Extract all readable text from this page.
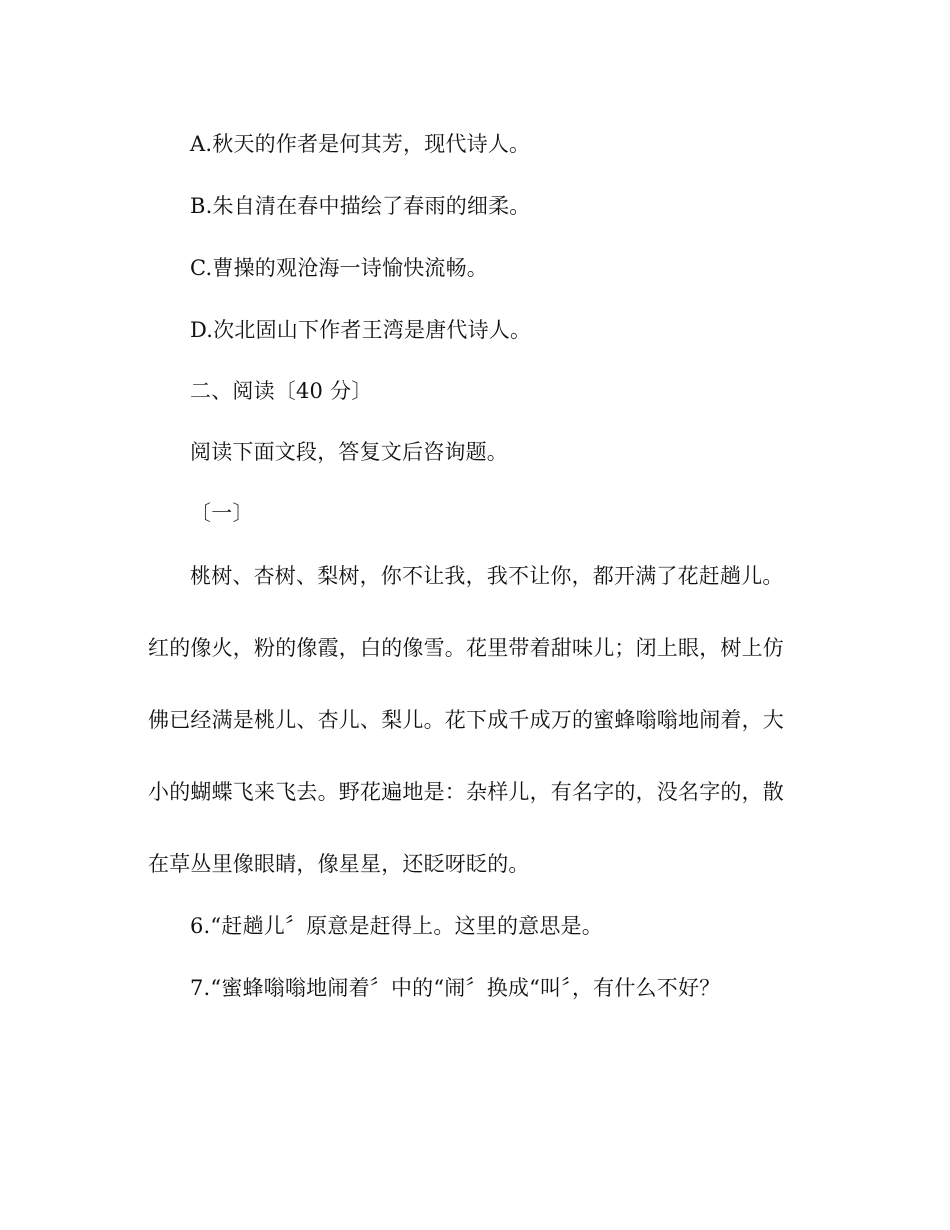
A.秋天的作者是何其芳，现代诗人。
B.朱自清在春中描绘了春雨的细柔。
C.曹操的观沧海一诗愉快流畅。
D.次北固山下作者王湾是唐代诗人。
二、阅读〔40 分〕
阅读下面文段，答复文后咨询题。
〔一〕
桃树、杏树、梨树，你不让我，我不让你，都开满了花赶趟儿。
红的像火，粉的像霞，白的像雪。花里带着甜味儿；闭上眼，树上仿
佛已经满是桃儿、杏儿、梨儿。花下成千成万的蜜蜂嗡嗡地闹着，大
小的蝴蝶飞来飞去。野花遍地是：杂样儿，有名字的，没名字的，散
在草丛里像眼睛，像星星，还眨呀眨的。
6.“赶趟儿〞原意是赶得上。这里的意思是。
7.“蜜蜂嗡嗡地闹着〞中的“闹〞换成“叫〞，有什么不好？
